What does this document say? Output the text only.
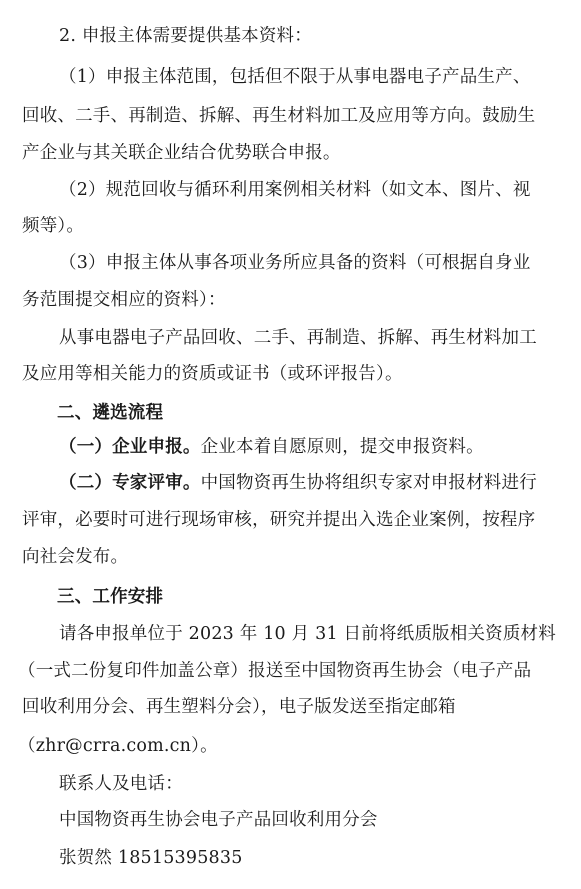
2. 申报主体需要提供基本资料：
（1）申报主体范围，包括但不限于从事电器电子产品生产、
回收、二手、再制造、拆解、再生材料加工及应用等方向。鼓励生
产企业与其关联企业结合优势联合申报。
（2）规范回收与循环利用案例相关材料（如文本、图片、视
频等）。
（3）申报主体从事各项业务所应具备的资料（可根据自身业
务范围提交相应的资料）：
从事电器电子产品回收、二手、再制造、拆解、再生材料加工
及应用等相关能力的资质或证书（或环评报告）。
二、遴选流程
（一）企业申报。企业本着自愿原则，提交申报资料。
（二）专家评审。中国物资再生协将组织专家对申报材料进行
评审，必要时可进行现场审核，研究并提出入选企业案例，按程序
向社会发布。
三、工作安排
请各申报单位于 2023 年 10 月 31 日前将纸质版相关资质材料
（一式二份复印件加盖公章）报送至中国物资再生协会（电子产品
回收利用分会、再生塑料分会），电子版发送至指定邮箱
（zhr@crra.com.cn）。
联系人及电话：
中国物资再生协会电子产品回收利用分会
张贺然 18515395835
